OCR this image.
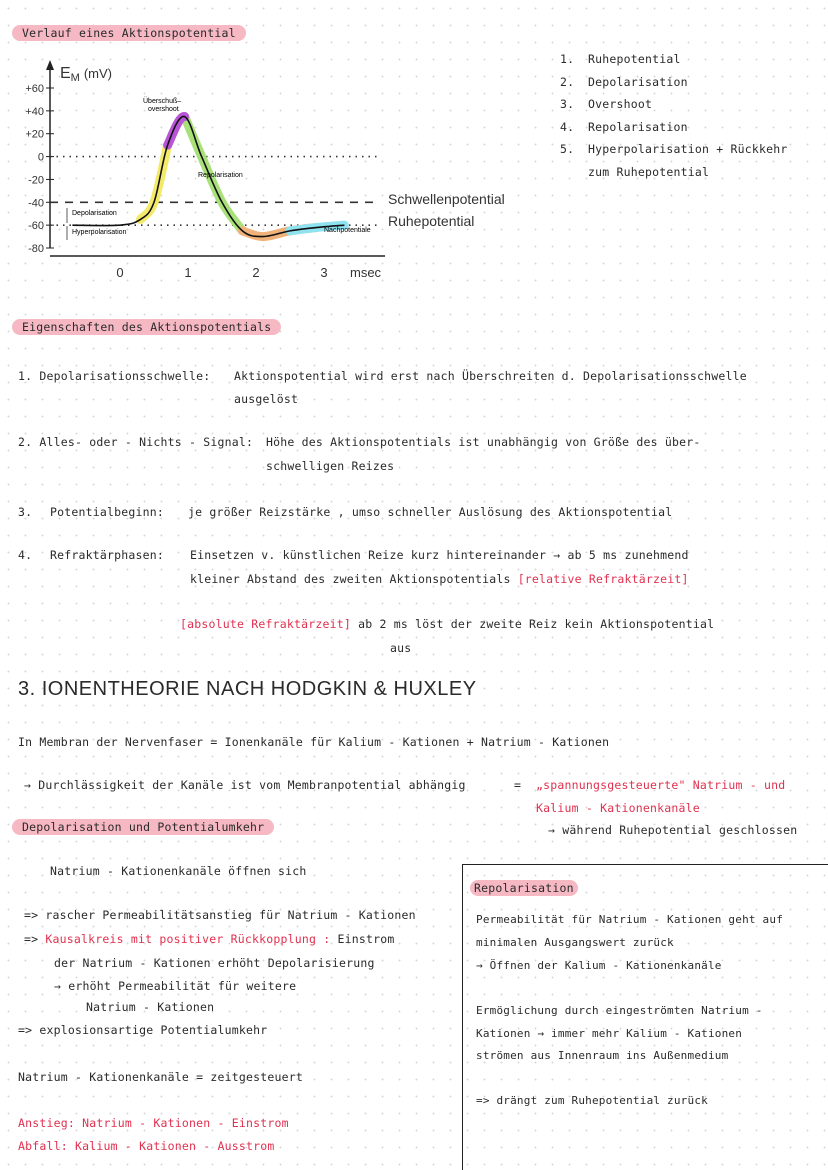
Verlauf eines Aktionspotential
Überschuß–
overshoot
Repolarisation
Depolarisation
Hyperpolarisation	Nachpotentiale
Schwellenpotential
Ruhepotential
EM (mV)
msec
+60
+40
+20
0
-20
-40
-60
-80
0	1	2	3
1. Ruhepotential
2. Depolarisation
3. Overshoot
4. Repolarisation
5. Hyperpolarisation + Rückkehr
zum Ruhepotential
Eigenschaften des Aktionspotentials
1. Depolarisationsschwelle: Aktionspotential wird erst nach Überschreiten d. Depolarisationsschwelle
ausgelöst
2. Alles- oder - Nichts - Signal: Höhe des Aktionspotentials ist unabhängig von Größe des über-
schwelligen Reizes
3. Potentialbeginn: je größer Reizstärke , umso schneller Auslösung des Aktionspotential
4. Refraktärphasen: Einsetzen v. künstlichen Reize kurz hintereinander → ab 5 ms zunehmend
kleiner Abstand des zweiten Aktionspotentials [relative Refraktärzeit]
[absolute Refraktärzeit] ab 2 ms löst der zweite Reiz kein Aktionspotential
aus
3. IONENTHEORIE NACH HODGKIN & HUXLEY
In Membran der Nervenfaser = Ionenkanäle für Kalium - Kationen + Natrium - Kationen
→ Durchlässigkeit der Kanäle ist vom Membranpotential abhängig	= „spannungsgesteuerte" Natrium - und
Kalium - Kationenkanäle
→ während Ruhepotential geschlossen
Depolarisation und Potentialumkehr
Natrium - Kationenkanäle öffnen sich
=> rascher Permeabilitätsanstieg für Natrium - Kationen
=> Kausalkreis mit positiver Rückkopplung : Einstrom
der Natrium - Kationen erhöht Depolarisierung
→ erhöht Permeabilität für weitere
Natrium - Kationen
=> explosionsartige Potentialumkehr
Natrium - Kationenkanäle = zeitgesteuert
Anstieg: Natrium - Kationen - Einstrom
Abfall: Kalium - Kationen - Ausstrom
Repolarisation
Permeabilität für Natrium - Kationen geht auf
minimalen Ausgangswert zurück
→ Öffnen der Kalium - Kationenkanäle
Ermöglichung durch eingeströmten Natrium -
Kationen → immer mehr Kalium - Kationen
strömen aus Innenraum ins Außenmedium
=> drängt zum Ruhepotential zurück
